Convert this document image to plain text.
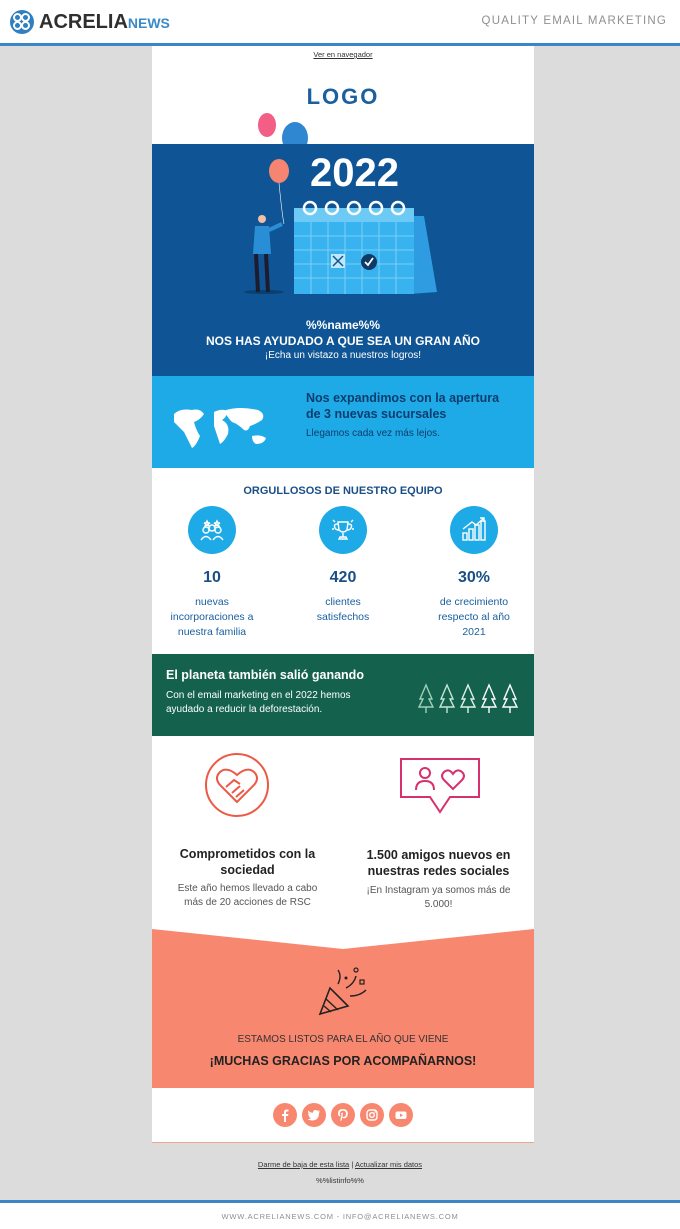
ACRELIANEWS	QUALITY EMAIL MARKETING
Ver en navegador
LOGO
2022
%%name%%
NOS HAS AYUDADO A QUE SEA UN GRAN AÑO
¡Echa un vistazo a nuestros logros!
Nos expandimos con la apertura
de 3 nuevas sucursales
Llegamos cada vez más lejos.
ORGULLOSOS DE NUESTRO EQUIPO
10
nuevas
incorporaciones a
nuestra familia
420
clientes
satisfechos
30%
de crecimiento
respecto al año
2021
El planeta también salió ganando
Con el email marketing en el 2022 hemos
ayudado a reducir la deforestación.
Comprometidos con la
sociedad
Este año hemos llevado a cabo
más de 20 acciones de RSC
1.500 amigos nuevos en
nuestras redes sociales
¡En Instagram ya somos más de
5.000!
ESTAMOS LISTOS PARA EL AÑO QUE VIENE
¡MUCHAS GRACIAS POR ACOMPAÑARNOS!
Darme de baja de esta lista | Actualizar mis datos
%%listinfo%%
WWW.ACRELIANEWS.COM - INFO@ACRELIANEWS.COM
